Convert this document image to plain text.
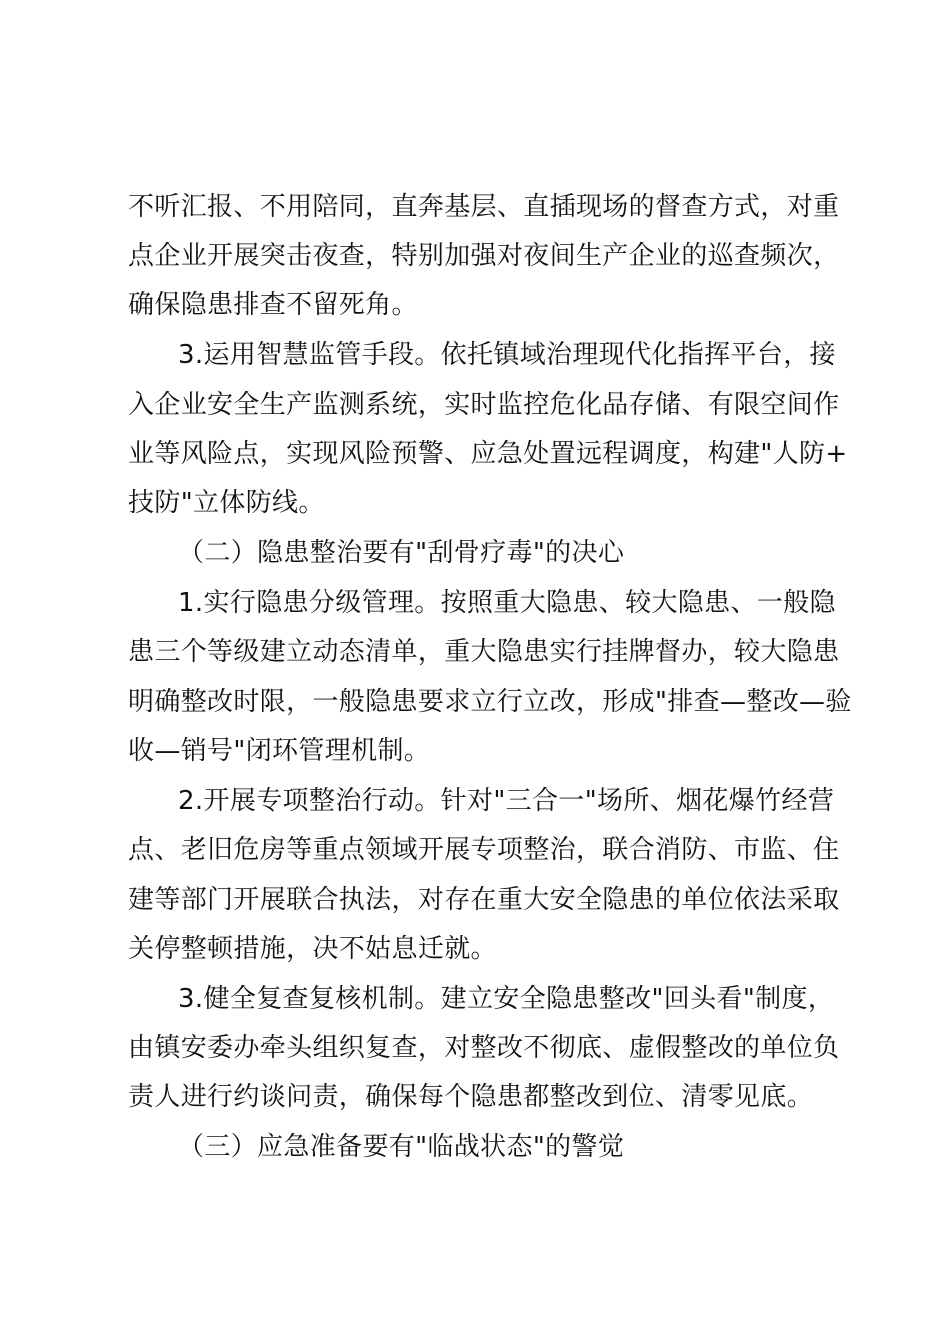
不听汇报、不用陪同，直奔基层、直插现场的督查方式，对重
点企业开展突击夜查，特别加强对夜间生产企业的巡查频次，
确保隐患排查不留死角。
3.运用智慧监管手段。依托镇域治理现代化指挥平台，接
入企业安全生产监测系统，实时监控危化品存储、有限空间作
业等风险点，实现风险预警、应急处置远程调度，构建"人防+
技防"立体防线。
（二）隐患整治要有"刮骨疗毒"的决心
1.实行隐患分级管理。按照重大隐患、较大隐患、一般隐
患三个等级建立动态清单，重大隐患实行挂牌督办，较大隐患
明确整改时限，一般隐患要求立行立改，形成"排查—整改—验
收—销号"闭环管理机制。
2.开展专项整治行动。针对"三合一"场所、烟花爆竹经营
点、老旧危房等重点领域开展专项整治，联合消防、市监、住
建等部门开展联合执法，对存在重大安全隐患的单位依法采取
关停整顿措施，决不姑息迁就。
3.健全复查复核机制。建立安全隐患整改"回头看"制度，
由镇安委办牵头组织复查，对整改不彻底、虚假整改的单位负
责人进行约谈问责，确保每个隐患都整改到位、清零见底。
（三）应急准备要有"临战状态"的警觉
